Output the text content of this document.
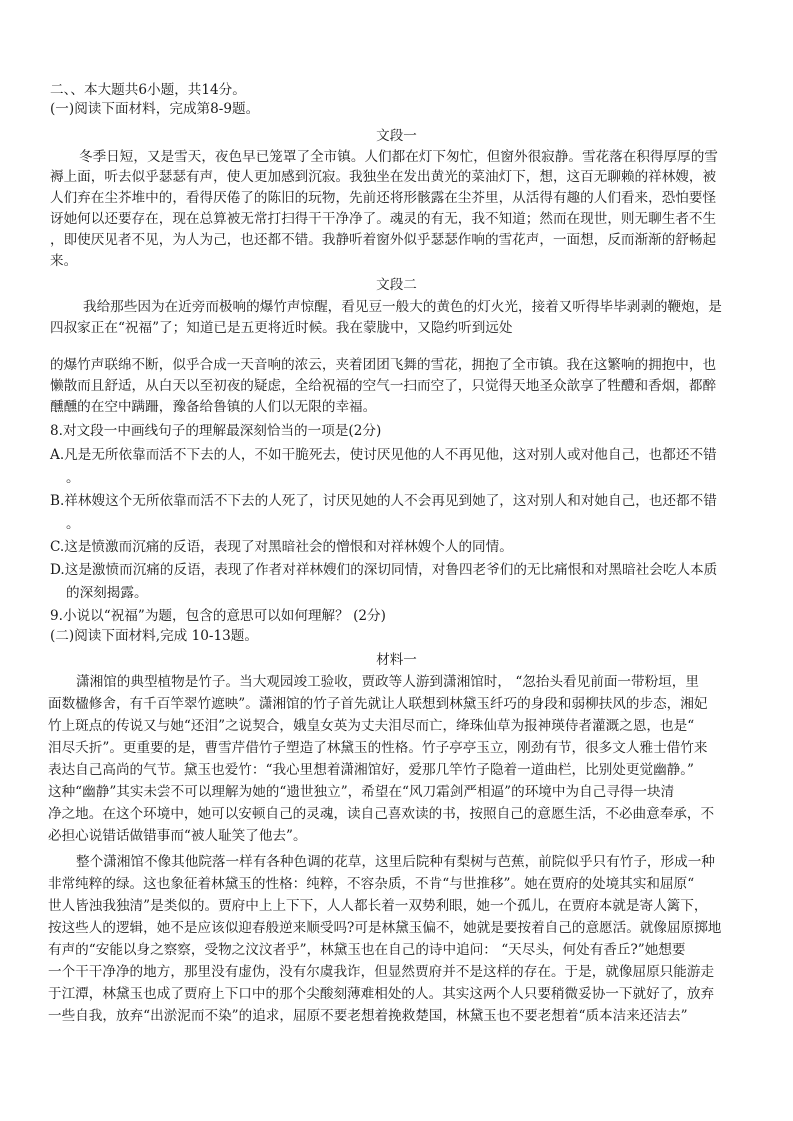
二、、本大题共6小题，共14分。
(一)阅读下面材料，完成第8-9题。
文段一
冬季日短，又是雪天，夜色早已笼罩了全市镇。人们都在灯下匆忙，但窗外很寂静。雪花落在积得厚厚的雪
褥上面，听去似乎瑟瑟有声，使人更加感到沉寂。我独坐在发出黄光的菜油灯下，想，这百无聊赖的祥林嫂，被
人们弃在尘芥堆中的，看得厌倦了的陈旧的玩物，先前还将形骸露在尘芥里，从活得有趣的人们看来，恐怕要怪
讶她何以还要存在，现在总算被无常打扫得干干净净了。魂灵的有无，我不知道；然而在现世，则无聊生者不生
，即使厌见者不见，为人为己，也还都不错。我静听着窗外似乎瑟瑟作响的雪花声，一面想，反而渐渐的舒畅起
来。
文段二
我给那些因为在近旁而极响的爆竹声惊醒，看见豆一般大的黄色的灯火光，接着又听得毕毕剥剥的鞭炮，是
四叔家正在“祝福”了；知道已是五更将近时候。我在蒙胧中，又隐约听到远处
的爆竹声联绵不断，似乎合成一天音响的浓云，夹着团团飞舞的雪花，拥抱了全市镇。我在这繁响的拥抱中，也
懒散而且舒适，从白天以至初夜的疑虑，全给祝福的空气一扫而空了，只觉得天地圣众歆享了牲醴和香烟，都醉
醺醺的在空中蹒跚，豫备给鲁镇的人们以无限的幸福。
8.对文段一中画线句子的理解最深刻恰当的一项是(2分)
A.凡是无所依靠而活不下去的人，不如干脆死去，使讨厌见他的人不再见他，这对别人或对他自己，也都还不错
。
B.祥林嫂这个无所依靠而活不下去的人死了，讨厌见她的人不会再见到她了，这对别人和对她自己，也还都不错
。
C.这是愤激而沉痛的反语，表现了对黑暗社会的憎恨和对祥林嫂个人的同情。
D.这是激愤而沉痛的反语，表现了作者对祥林嫂们的深切同情，对鲁四老爷们的无比痛恨和对黑暗社会吃人本质
的深刻揭露。
9.小说以“祝福”为题，包含的意思可以如何理解？ (2分)
(二)阅读下面材料,完成 10-13题。
材料一
潇湘馆的典型植物是竹子。当大观园竣工验收，贾政等人游到潇湘馆时， “忽抬头看见前面一带粉垣，里
面数楹修舍，有千百竿翠竹遮映”。潇湘馆的竹子首先就让人联想到林黛玉纤巧的身段和弱柳扶风的步态，湘妃
竹上斑点的传说又与她“还泪”之说契合，娥皇女英为丈夫泪尽而亡，绛珠仙草为报神瑛侍者灌溉之恩，也是“
泪尽夭折”。更重要的是，曹雪芹借竹子塑造了林黛玉的性格。竹子亭亭玉立，刚劲有节，很多文人雅士借竹来
表达自己高尚的气节。黛玉也爱竹：“我心里想着潇湘馆好，爱那几竿竹子隐着一道曲栏，比别处更觉幽静。”
这种“幽静”其实未尝不可以理解为她的“遗世独立”，希望在“风刀霜剑严相逼”的环境中为自己寻得一块清
净之地。在这个环境中，她可以安顿自己的灵魂，读自己喜欢读的书，按照自己的意愿生活，不必曲意奉承，不
必担心说错话做错事而“被人耻笑了他去”。
整个潇湘馆不像其他院落一样有各种色调的花草，这里后院种有梨树与芭蕉，前院似乎只有竹子，形成一种
非常纯粹的绿。这也象征着林黛玉的性格：纯粹，不容杂质，不肯“与世推移”。她在贾府的处境其实和屈原“
世人皆浊我独清”是类似的。贾府中上上下下，人人都长着一双势利眼，她一个孤儿，在贾府本就是寄人篱下，
按这些人的逻辑，她不是应该似迎春般逆来顺受吗?可是林黛玉偏不，她就是要按着自己的意愿活。就像屈原掷地
有声的“安能以身之察察，受物之汶汶者乎”，林黛玉也在自己的诗中追问： “天尽头，何处有香丘?”她想要
一个干干净净的地方，那里没有虚伪，没有尔虞我诈，但显然贾府并不是这样的存在。于是，就像屈原只能游走
于江潭，林黛玉也成了贾府上下口中的那个尖酸刻薄难相处的人。其实这两个人只要稍微妥协一下就好了，放弃
一些自我，放弃“出淤泥而不染”的追求，屈原不要老想着挽救楚国，林黛玉也不要老想着“质本洁来还洁去”
